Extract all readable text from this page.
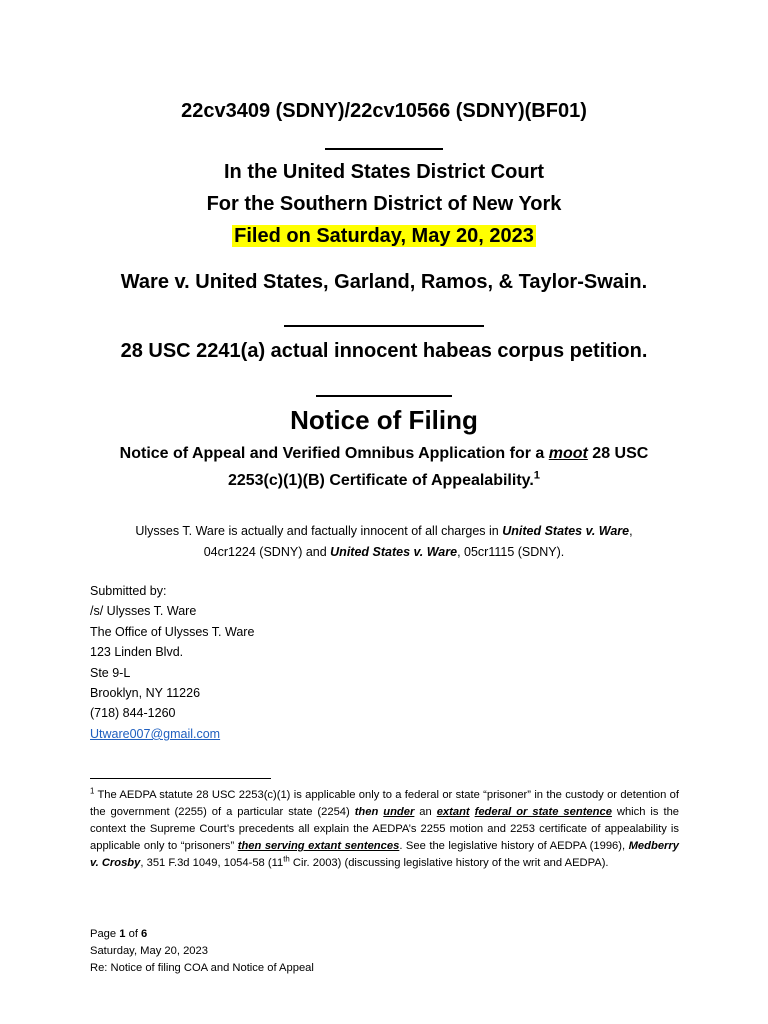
22cv3409 (SDNY)/22cv10566 (SDNY)(BF01)
In the United States District Court
For the Southern District of New York
Filed on Saturday, May 20, 2023
Ware v. United States, Garland, Ramos, & Taylor-Swain.
28 USC 2241(a) actual innocent habeas corpus petition.
Notice of Filing
Notice of Appeal and Verified Omnibus Application for a moot 28 USC
2253(c)(1)(B) Certificate of Appealability.$^1$
Ulysses T. Ware is actually and factually innocent of all charges in United States v. Ware,
04cr1224 (SDNY) and United States v. Ware, 05cr1115 (SDNY).
Submitted by:
/s/ Ulysses T. Ware
The Office of Ulysses T. Ware
123 Linden Blvd.
Ste 9-L
Brooklyn, NY 11226
(718) 844-1260
Utware007@gmail.com
$^1$ The AEDPA statute 28 USC 2253(c)(1) is applicable only to a federal or state “prisoner” in the custody or detention of the government (2255) of a particular state (2254) then under an extant federal or state sentence which is the context the Supreme Court’s precedents all explain the AEDPA’s 2255 motion and 2253 certificate of appealability is applicable only to “prisoners” then serving extant sentences. See the legislative history of AEDPA (1996), Medberry v. Crosby, 351 F.3d 1049, 1054-58 (11th Cir. 2003) (discussing legislative history of the writ and AEDPA).
Page 1 of 6
Saturday, May 20, 2023
Re: Notice of filing COA and Notice of Appeal
